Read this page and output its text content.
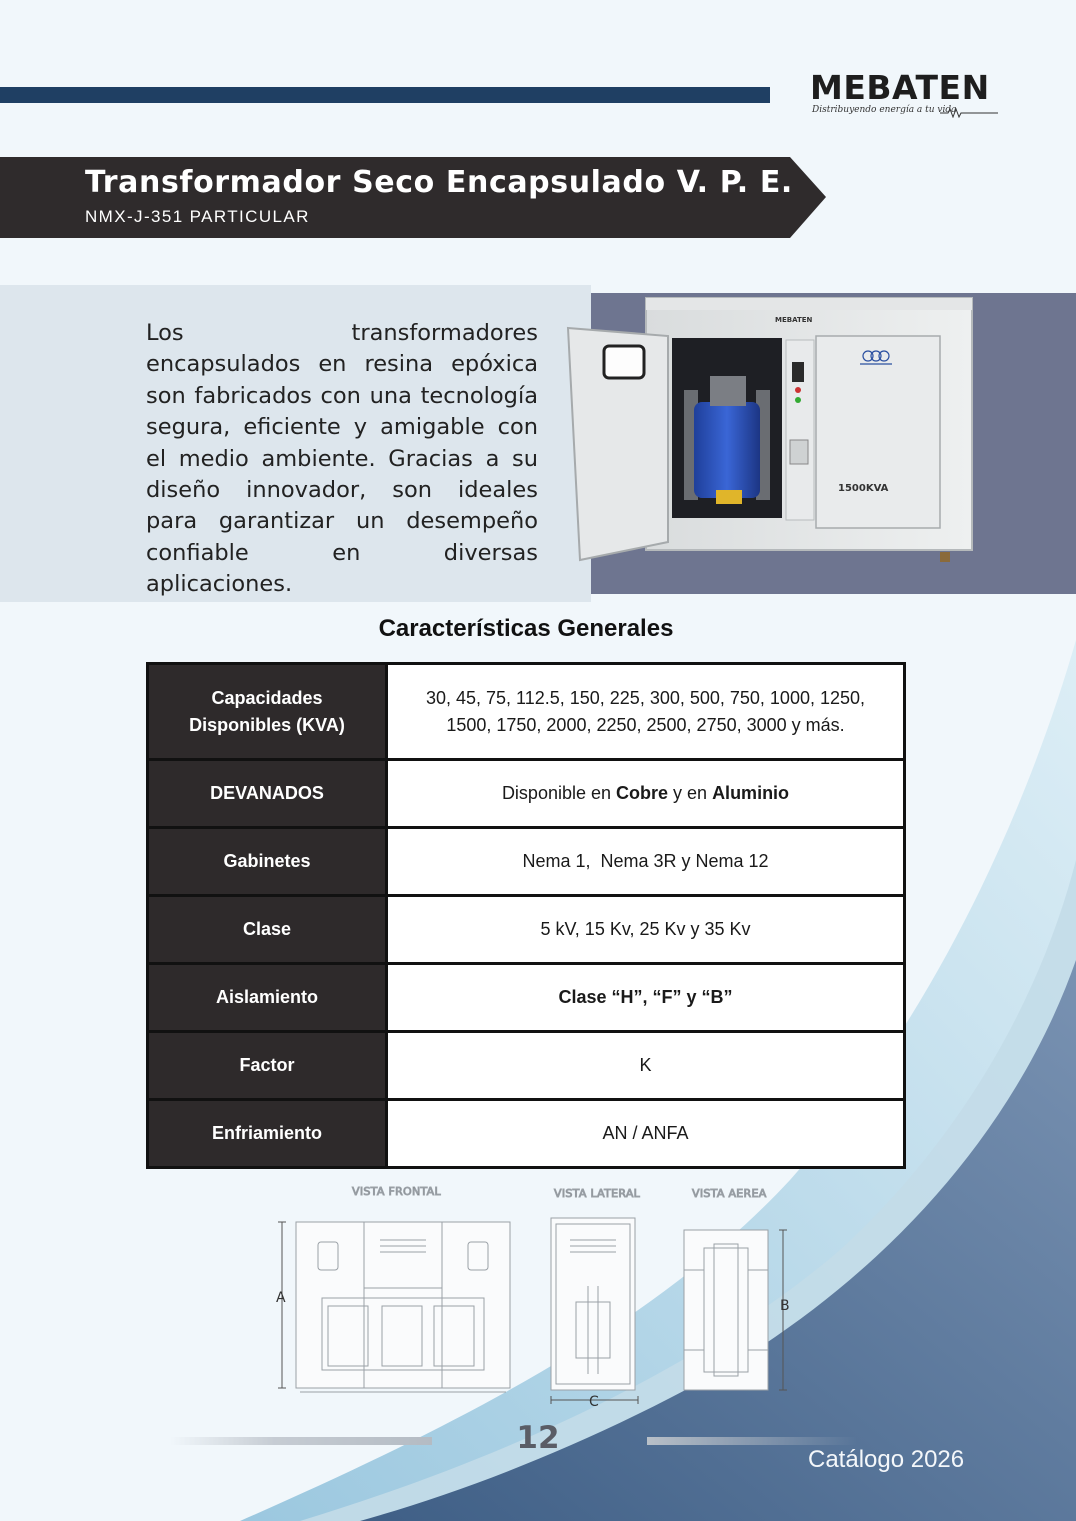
MEBATEN
Distribuyendo energía a tu vida
Transformador Seco Encapsulado V. P. E.
NMX-J-351 PARTICULAR

Los transformadores encapsulados en resina epóxica son fabricados con una tecnología segura, eficiente y amigable con el medio ambiente. Gracias a su diseño innovador, son ideales para garantizar un desempeño confiable en diversas aplicaciones.

1500KVA
MEBATEN
Características Generales
Capacidades Disponibles (KVA)	30, 45, 75, 112.5, 150, 225, 300, 500, 750, 1000, 1250, 1500, 1750, 2000, 2250, 2500, 2750, 3000 y más.
DEVANADOS	Disponible en Cobre y en Aluminio
Gabinetes	Nema 1,  Nema 3R y Nema 12
Clase	5 kV, 15 Kv, 25 Kv y 35 Kv
Aislamiento	Clase “H”, “F” y “B”
Factor	K
Enfriamiento	AN / ANFA
VISTA FRONTAL	VISTA LATERAL	VISTA AEREA
A
C
B
12
Catálogo 2026
